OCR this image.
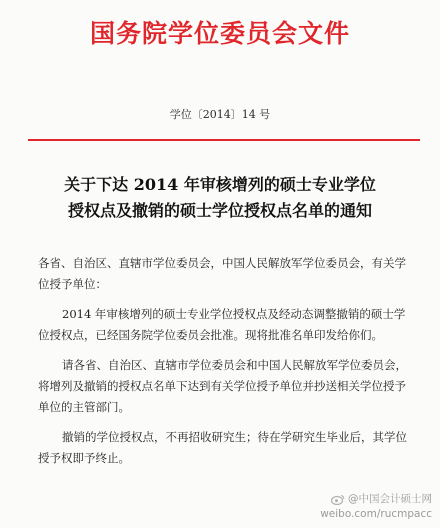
国务院学位委员会文件
学位〔2014〕14 号
关于下达 2014 年审核增列的硕士专业学位
授权点及撤销的硕士学位授权点名单的通知

各省、自治区、直辖市学位委员会，中国人民解放军学位委员会，有关学位授予单位：

2014 年审核增列的硕士专业学位授权点及经动态调整撤销的硕士学位授权点，已经国务院学位委员会批准。现将批准名单印发给你们。

请各省、自治区、直辖市学位委员会和中国人民解放军学位委员会，将增列及撤销的授权点名单下达到有关学位授予单位并抄送相关学位授予单位的主管部门。

撤销的学位授权点，不再招收研究生；待在学研究生毕业后，其学位授予权即予终止。

@中国会计硕士网
weibo.com/rucmpacc
